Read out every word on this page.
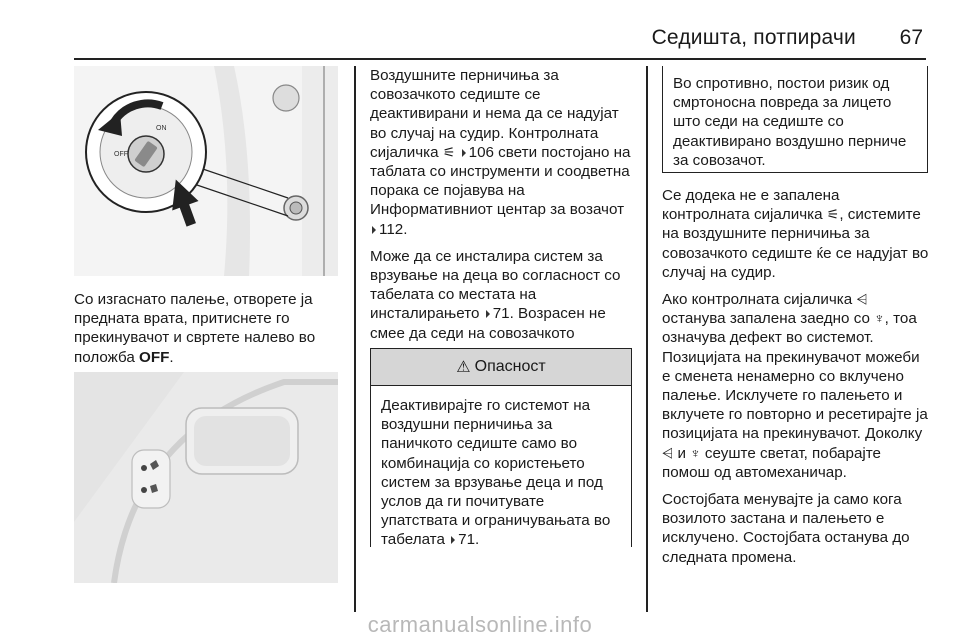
Седишта, потпирачи 67
ON
OFF

Со изгаснато палење, отворете ја предната врата, притиснете го прекинувачот и свртете налево во положба OFF.

Воздушните перничиња за совозачкото седиште се деактивирани и нема да се надујат во случај на судир. Контролната сијаличка ⚟ 106 свети постојано на таблата со инструменти и соодветна порака се појавува на Информативниот центар за возачот 112.

Може да се инсталира систем за врзување на деца во согласност со табелата со местата на инсталирањето 71. Возрасен не смее да седи на совозачкото

⚠ Опасност
Деактивирајте го системот на воздушни перничиња за паничкото седиште само во комбинација со користењето систем за врзување деца и под услов да ги почитувате упатствата и ограничувањата во табелата 71.
Во спротивно, постои ризик од смртоносна повреда за лицето што седи на седиште со деактивирано воздушно перниче за совозачот.

Се додека не е запалена контролната сијаличка ⚟, системите на воздушните перничиња за совозачкото седиште ќе се надујат во случај на судир.

Ако контролната сијаличка ⩤ останува запалена заедно со ♆, тоа означува дефект во системот. Позицијата на прекинувачот можеби е сменета ненамерно со вклучено палење. Исклучете го палењето и вклучете го повторно и ресетирајте ја позицијата на прекинувачот. Доколку ⩤ и ♆ сеуште светат, побарајте помош од автомеханичар.

Состојбата менувајте ја само кога возилото застана и палењето е исклучено. Состојбата останува до следната промена.

carmanualsonline.info
